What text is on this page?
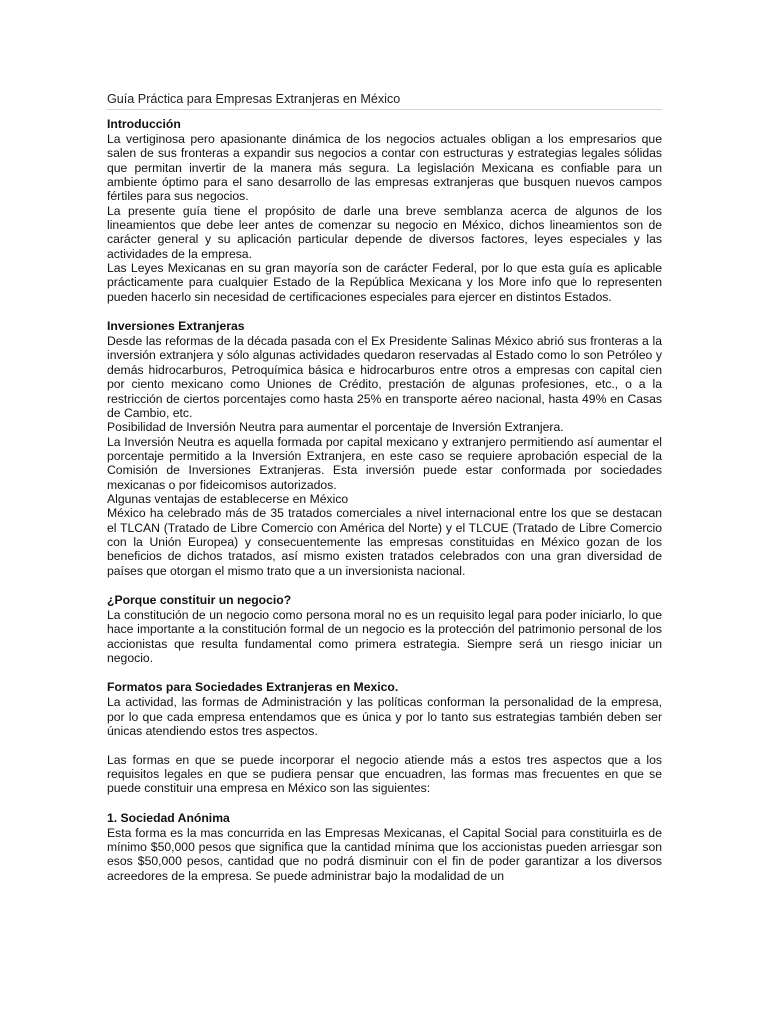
Guía Práctica para Empresas Extranjeras en México
Introducción

La vertiginosa pero apasionante dinámica de los negocios actuales obligan a los empresarios que salen de sus fronteras a expandir sus negocios a contar con estructuras y estrategias legales sólidas que permitan invertir de la manera más segura. La legislación Mexicana es confiable para un ambiente óptimo para el sano desarrollo de las empresas extranjeras que busquen nuevos campos fértiles para sus negocios.

La presente guía tiene el propósito de darle una breve semblanza acerca de algunos de los lineamientos que debe leer antes de comenzar su negocio en México, dichos lineamientos son de carácter general y su aplicación particular depende de diversos factores, leyes especiales y las actividades de la empresa.

Las Leyes Mexicanas en su gran mayoría son de carácter Federal, por lo que esta guía es aplicable prácticamente para cualquier Estado de la República Mexicana y los More info que lo representen pueden hacerlo sin necesidad de certificaciones especiales para ejercer en distintos Estados.

Inversiones Extranjeras

Desde las reformas de la década pasada con el Ex Presidente Salinas México abrió sus fronteras a la inversión extranjera y sólo algunas actividades quedaron reservadas al Estado como lo son Petróleo y demás hidrocarburos, Petroquímica básica e hidrocarburos entre otros a empresas con capital cien por ciento mexicano como Uniones de Crédito, prestación de algunas profesiones, etc., o a la restricción de ciertos porcentajes como hasta 25% en transporte aéreo nacional, hasta 49% en Casas de Cambio, etc.

Posibilidad de Inversión Neutra para aumentar el porcentaje de Inversión Extranjera.

La Inversión Neutra es aquella formada por capital mexicano y extranjero permitiendo así aumentar el porcentaje permitido a la Inversión Extranjera, en este caso se requiere aprobación especial de la Comisión de Inversiones Extranjeras. Esta inversión puede estar conformada por sociedades mexicanas o por fideicomisos autorizados.

Algunas ventajas de establecerse en México

México ha celebrado más de 35 tratados comerciales a nivel internacional entre los que se destacan el TLCAN (Tratado de Libre Comercio con América del Norte) y el TLCUE (Tratado de Libre Comercio con la Unión Europea) y consecuentemente las empresas constituidas en México gozan de los beneficios de dichos tratados, así mismo existen tratados celebrados con una gran diversidad de países que otorgan el mismo trato que a un inversionista nacional.

¿Porque constituir un negocio?

La constitución de un negocio como persona moral no es un requisito legal para poder iniciarlo, lo que hace importante a la constitución formal de un negocio es la protección del patrimonio personal de los accionistas que resulta fundamental como primera estrategia. Siempre será un riesgo iniciar un negocio.

Formatos para Sociedades Extranjeras en Mexico.

La actividad, las formas de Administración y las políticas conforman la personalidad de la empresa, por lo que cada empresa entendamos que es única y por lo tanto sus estrategias también deben ser únicas atendiendo estos tres aspectos.

Las formas en que se puede incorporar el negocio atiende más a estos tres aspectos que a los requisitos legales en que se pudiera pensar que encuadren, las formas mas frecuentes en que se puede constituir una empresa en México son las siguientes:

1. Sociedad Anónima

Esta forma es la mas concurrida en las Empresas Mexicanas, el Capital Social para constituirla es de mínimo $50,000 pesos que significa que la cantidad mínima que los accionistas pueden arriesgar son esos $50,000 pesos, cantidad que no podrá disminuir con el fin de poder garantizar a los diversos acreedores de la empresa. Se puede administrar bajo la modalidad de un
